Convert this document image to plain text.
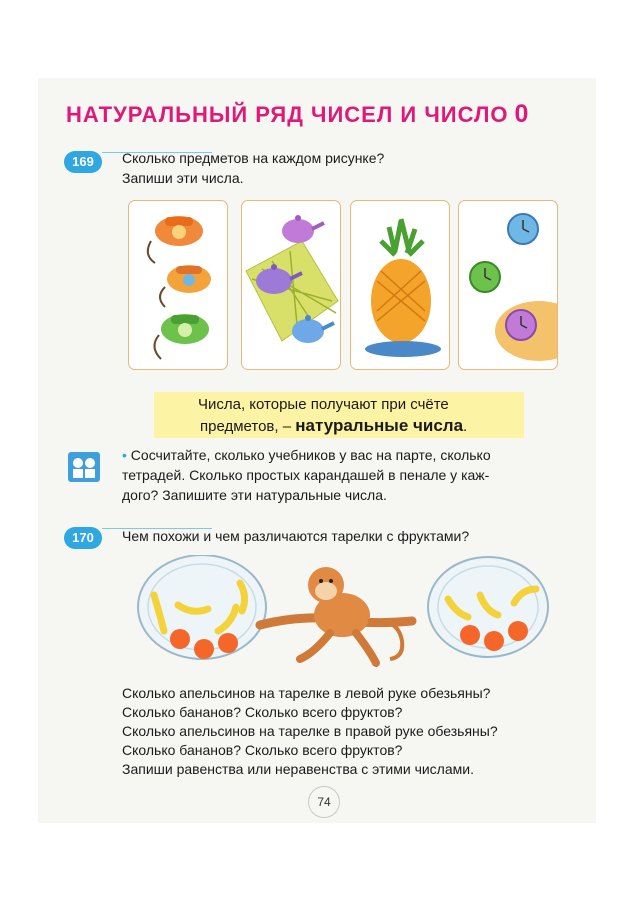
НАТУРАЛЬНЫЙ РЯД ЧИСЕЛ И ЧИСЛО 0
169	Сколько предметов на каждом рисунке?
Запиши эти числа.
Числа, которые получают при счёте
предметов, – натуральные числа.
• Сосчитайте, сколько учебников у вас на парте, сколько
тетрадей. Сколько простых карандашей в пенале у каж-
дого? Запишите эти натуральные числа.
170	Чем похожи и чем различаются тарелки с фруктами?
Сколько апельсинов на тарелке в левой руке обезьяны?
Сколько бананов? Сколько всего фруктов?
Сколько апельсинов на тарелке в правой руке обезьяны?
Сколько бананов? Сколько всего фруктов?
Запиши равенства или неравенства с этими числами.
74
